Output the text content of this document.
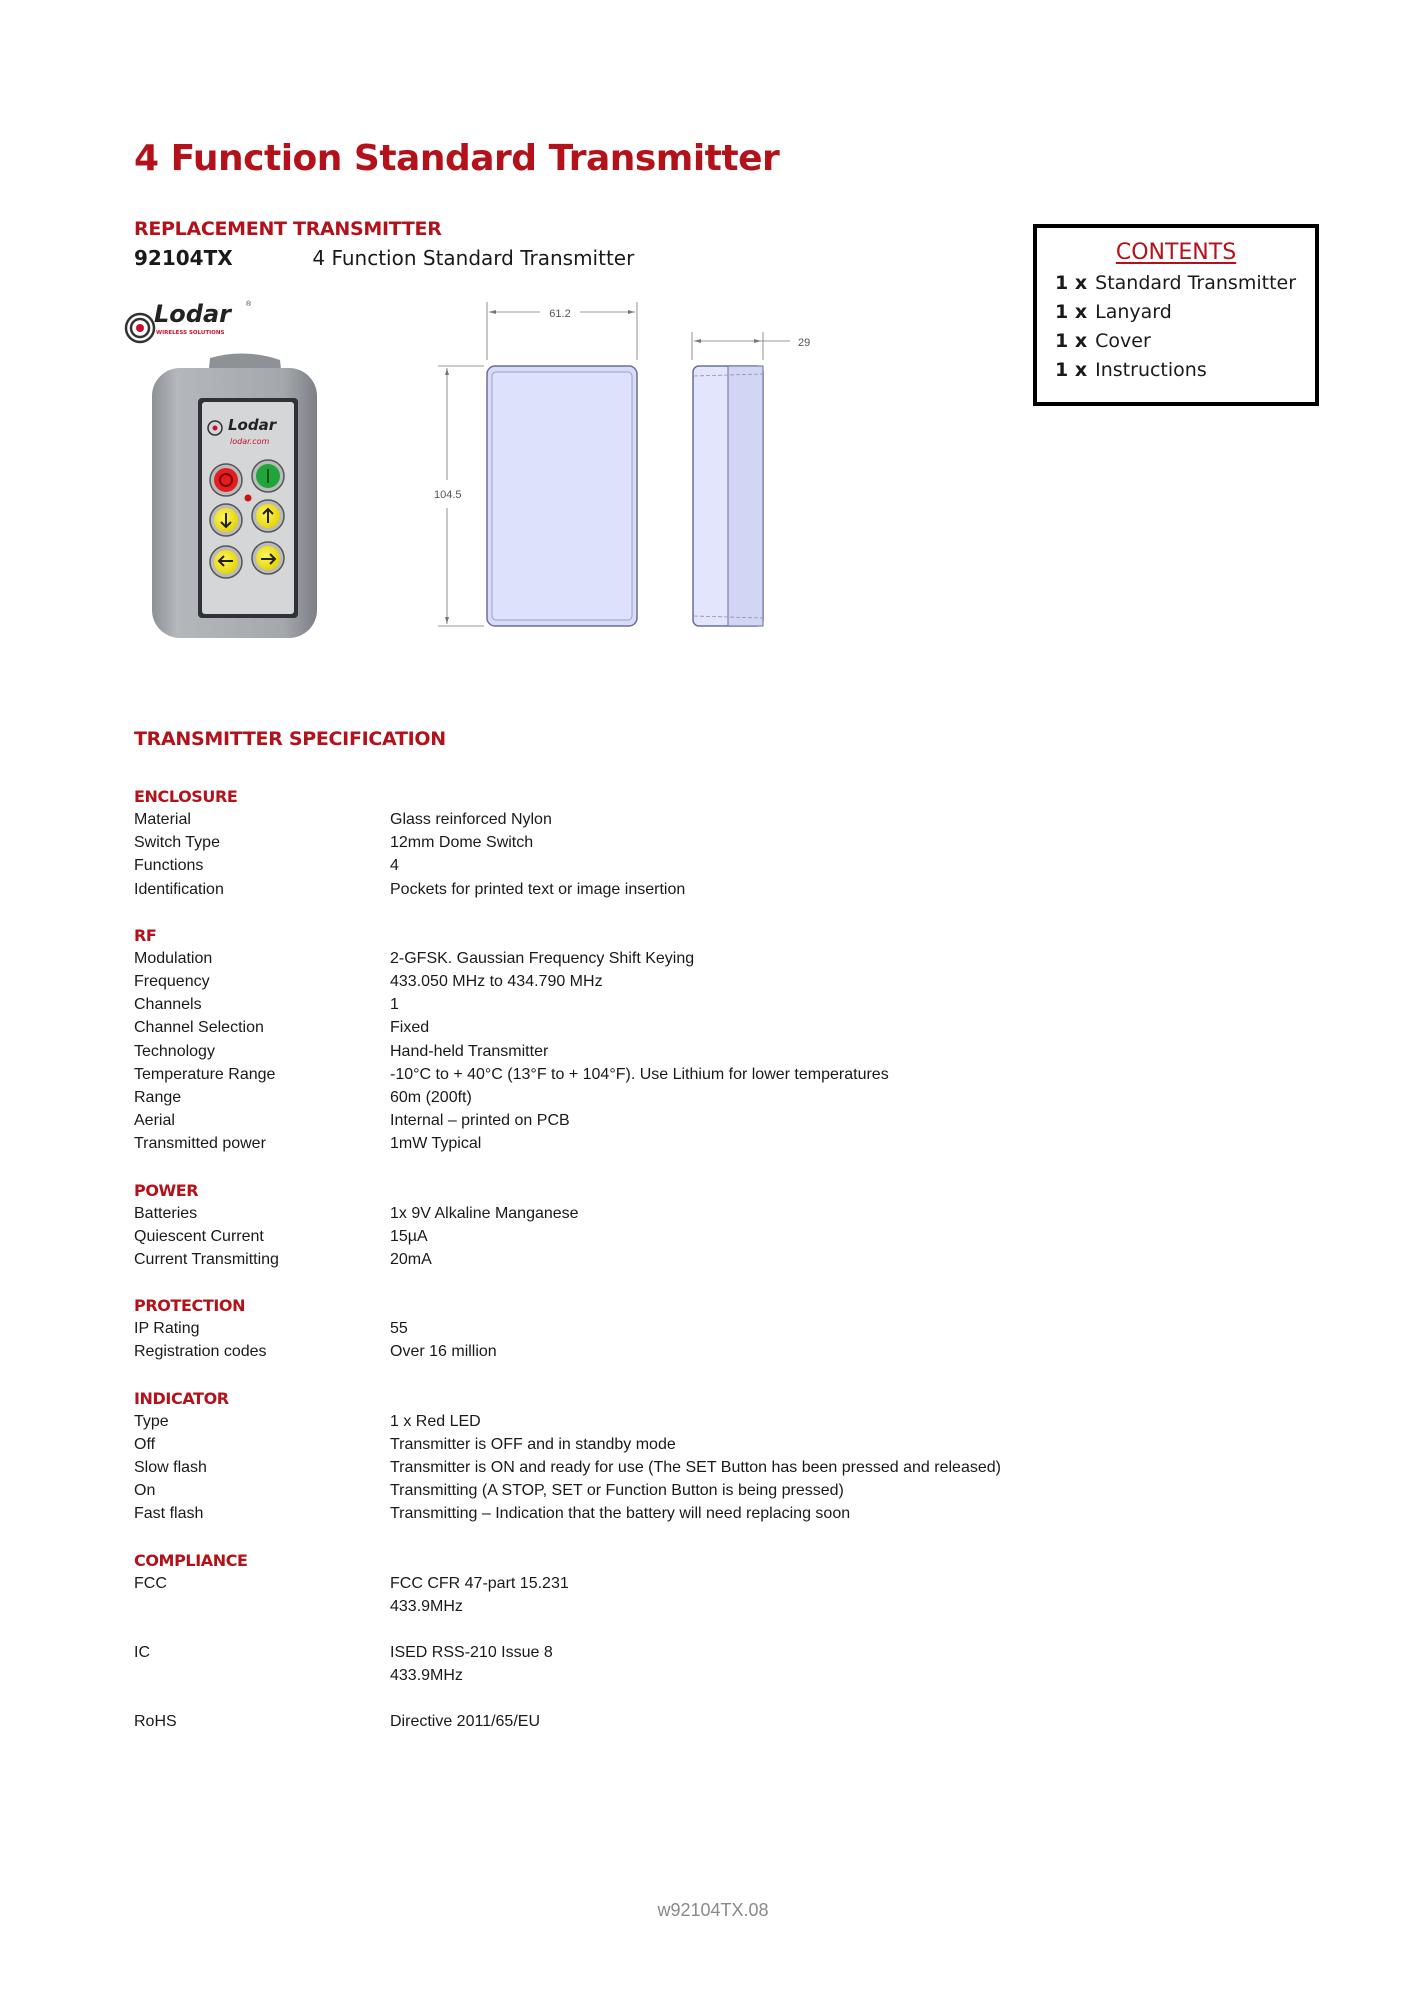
4 Function Standard Transmitter
REPLACEMENT TRANSMITTER
92104TX	4 Function Standard Transmitter	CONTENTS
1 x Standard Transmitter
1 x Lanyard
1 x Cover
1 x Instructions
Lodar	®
WIRELESS SOLUTIONS
Lodar
lodar.com
61.2
29
104.5
TRANSMITTER SPECIFICATION
ENCLOSURE
Material	Glass reinforced Nylon
Switch Type	12mm Dome Switch
Functions	4
Identification	Pockets for printed text or image insertion
RF
Modulation	2-GFSK. Gaussian Frequency Shift Keying
Frequency	433.050 MHz to 434.790 MHz
Channels	1
Channel Selection	Fixed
Technology	Hand-held Transmitter
Temperature Range	-10°C to + 40°C (13°F to + 104°F). Use Lithium for lower temperatures
Range	60m (200ft)
Aerial	Internal – printed on PCB
Transmitted power	1mW Typical
POWER
Batteries	1x 9V Alkaline Manganese
Quiescent Current	15µA
Current Transmitting	20mA
PROTECTION
IP Rating	55
Registration codes	Over 16 million
INDICATOR
Type	1 x Red LED
Off	Transmitter is OFF and in standby mode
Slow flash	Transmitter is ON and ready for use (The SET Button has been pressed and released)
On	Transmitting (A STOP, SET or Function Button is being pressed)
Fast flash	Transmitting – Indication that the battery will need replacing soon
COMPLIANCE
FCC	FCC CFR 47-part 15.231
433.9MHz
IC	ISED RSS-210 Issue 8
433.9MHz
RoHS	Directive 2011/65/EU
w92104TX.08
